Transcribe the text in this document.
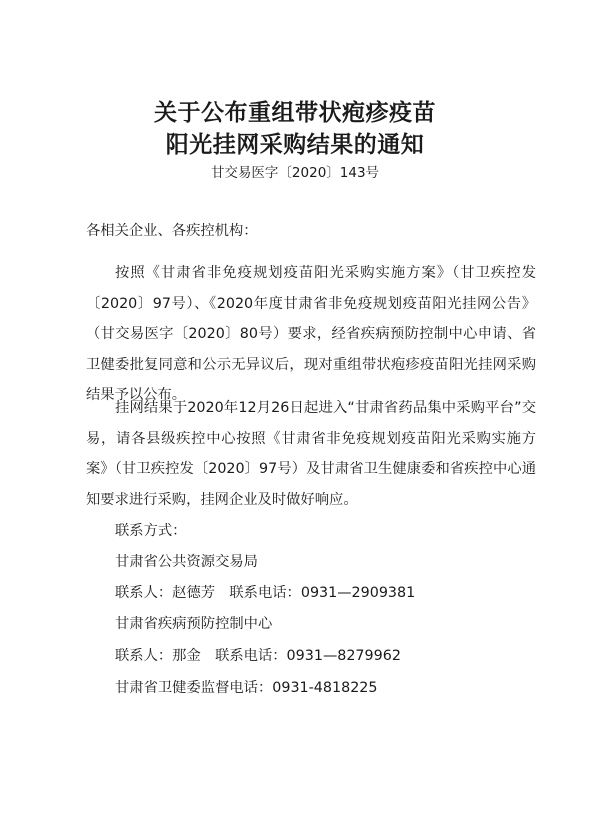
关于公布重组带状疱疹疫苗
阳光挂网采购结果的通知
甘交易医字〔2020〕143号
各相关企业、各疾控机构：
按照《甘肃省非免疫规划疫苗阳光采购实施方案》（甘卫疾控发〔2020〕97号）、《2020年度甘肃省非免疫规划疫苗阳光挂网公告》（甘交易医字〔2020〕80号）要求，经省疾病预防控制中心申请、省卫健委批复同意和公示无异议后，现对重组带状疱疹疫苗阳光挂网采购结果予以公布。
挂网结果于2020年12月26日起进入“甘肃省药品集中采购平台”交易，请各县级疾控中心按照《甘肃省非免疫规划疫苗阳光采购实施方案》（甘卫疾控发〔2020〕97号）及甘肃省卫生健康委和省疾控中心通知要求进行采购，挂网企业及时做好响应。
联系方式：
甘肃省公共资源交易局
联系人：赵德芳　联系电话：0931—2909381
甘肃省疾病预防控制中心
联系人：那金　联系电话：0931—8279962
甘肃省卫健委监督电话：0931-4818225
